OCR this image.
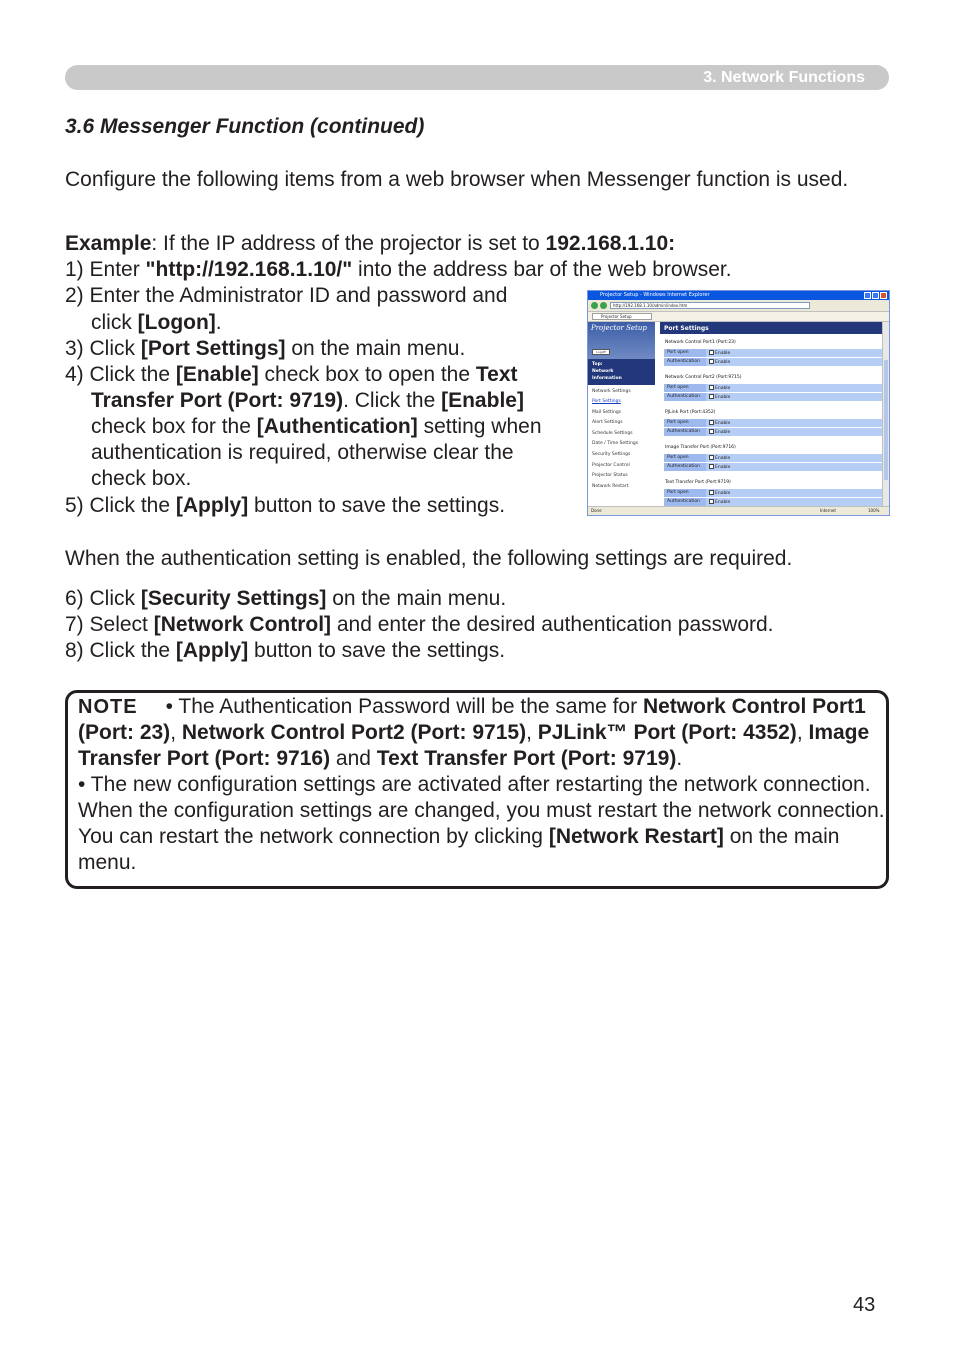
3. Network Functions
3.6 Messenger Function (continued)
Configure the following items from a web browser when Messenger function is used.
Example: If the IP address of the projector is set to 192.168.1.10:
1) Enter "http://192.168.1.10/" into the address bar of the web browser.
2) Enter the Administrator ID and password and
click [Logon].
3) Click [Port Settings] on the main menu.
4) Click the [Enable] check box to open the Text
Transfer Port (Port: 9719). Click the [Enable]
check box for the [Authentication] setting when
authentication is required, otherwise clear the
check box.
5) Click the [Apply] button to save the settings.
Projector Setup - Windows Internet Explorer
http://192.168.1.10/admin/index.htm
Projector Setup
Projector Setup
Logoff
Top:
Network
Information
Network Settings
Port Settings
Mail Settings
Alert Settings
Schedule Settings
Date / Time Settings
Security Settings
Projector Control
Projector Status
Network Restart
Port Settings
Network Control Port1 (Port:23)
Port open	Enable
Authentication	Enable
Network Control Port2 (Port:9715)
Port open	Enable
Authentication	Enable
PJLink Port (Port:4352)
Port open	Enable
Authentication	Enable
Image Transfer Port (Port:9716)
Port open	Enable
Authentication	Enable
Text Transfer Port (Port:9719)
Port open	Enable
Authentication	Enable
Done	Internet	100%
When the authentication setting is enabled, the following settings are required.
6) Click [Security Settings] on the main menu.
7) Select [Network Control] and enter the desired authentication password.
8) Click the [Apply] button to save the settings.
NOTE • The Authentication Password will be the same for Network Control Port1 (Port: 23), Network Control Port2 (Port: 9715), PJLink™ Port (Port: 4352), Image Transfer Port (Port: 9716) and Text Transfer Port (Port: 9719).
• The new configuration settings are activated after restarting the network connection. When the configuration settings are changed, you must restart the network connection. You can restart the network connection by clicking [Network Restart] on the main menu.
43
